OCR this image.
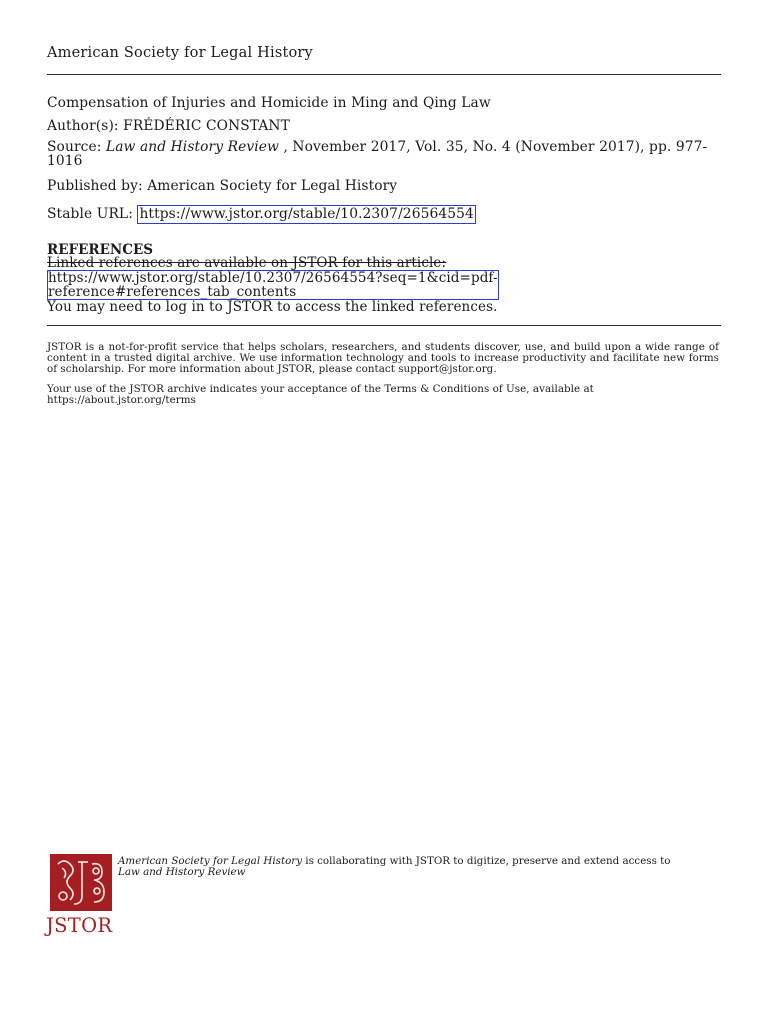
American Society for Legal History
Compensation of Injuries and Homicide in Ming and Qing Law
Author(s): FRÉDÉRIC CONSTANT
Source: Law and History Review , November 2017, Vol. 35, No. 4 (November 2017), pp. 977-1016
Published by: American Society for Legal History
Stable URL: https://www.jstor.org/stable/10.2307/26564554
REFERENCES
Linked references are available on JSTOR for this article:
https://www.jstor.org/stable/10.2307/26564554?seq=1&cid=pdf-
reference#references_tab_contents
You may need to log in to JSTOR to access the linked references.
JSTOR is a not-for-profit service that helps scholars, researchers, and students discover, use, and build upon a wide range of content in a trusted digital archive. We use information technology and tools to increase productivity and facilitate new forms of scholarship. For more information about JSTOR, please contact support@jstor.org.
Your use of the JSTOR archive indicates your acceptance of the Terms & Conditions of Use, available at https://about.jstor.org/terms
JSTOR
American Society for Legal History is collaborating with JSTOR to digitize, preserve and extend access to Law and History Review
